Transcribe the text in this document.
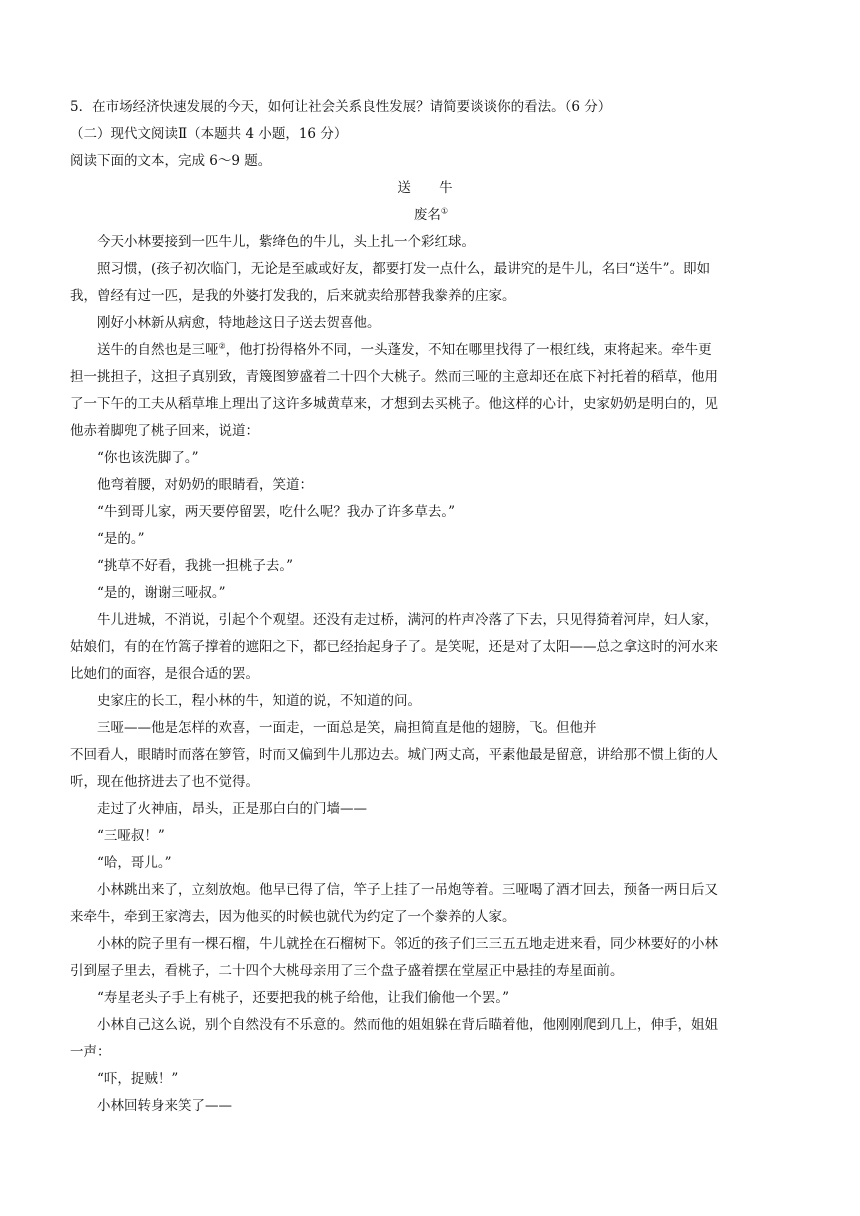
5．在市场经济快速发展的今天，如何让社会关系良性发展？请简要谈谈你的看法。（6 分）
（二）现代文阅读Ⅱ（本题共 4 小题，16 分）
阅读下面的文本，完成 6～9 题。
送 牛
废名①
今天小林要接到一匹牛儿，紫绛色的牛儿，头上扎一个彩红球。
照习惯，(孩子初次临门，无论是至戚或好友，都要打发一点什么，最讲究的是牛儿，名曰“送牛”。即如
我，曾经有过一匹，是我的外婆打发我的，后来就卖给那替我豢养的庄家。
刚好小林新从病愈，特地趁这日子送去贺喜他。
送牛的自然也是三哑②，他打扮得格外不同，一头蓬发，不知在哪里找得了一根红线，束将起来。牵牛更
担一挑担子，这担子真别致，青篾图箩盛着二十四个大桃子。然而三哑的主意却还在底下衬托着的稻草，他用
了一下午的工夫从稻草堆上理出了这许多城黄草来，才想到去买桃子。他这样的心计，史家奶奶是明白的，见
他赤着脚兜了桃子回来，说道：
“你也该洗脚了。”
他弯着腰，对奶奶的眼睛看，笑道：
“牛到哥儿家，两天要停留罢，吃什么呢？我办了许多草去。”
“是的。”
“挑草不好看，我挑一担桃子去。”
“是的，谢谢三哑叔。”
牛儿进城，不消说，引起个个观望。还没有走过桥，满河的杵声冷落了下去，只见得猗着河岸，妇人家，
姑娘们，有的在竹篙子撑着的遮阳之下，都已经抬起身子了。是笑呢，还是对了太阳——总之拿这时的河水来
比她们的面容，是很合适的罢。
史家庄的长工，程小林的牛，知道的说，不知道的问。
三哑——他是怎样的欢喜，一面走，一面总是笑，扁担简直是他的翅膀，飞。但他并
不回看人，眼睛时而落在箩管，时而又偏到牛儿那边去。城门两丈高，平素他最是留意，讲给那不惯上街的人
听，现在他挤进去了也不觉得。
走过了火神庙，昂头，正是那白白的门墙——
“三哑叔！”
“哈，哥儿。”
小林跳出来了，立刻放炮。他早已得了信，竿子上挂了一吊炮等着。三哑喝了酒才回去，预备一两日后又
来牵牛，牵到王家湾去，因为他买的时候也就代为约定了一个豢养的人家。
小林的院子里有一棵石榴，牛儿就拴在石榴树下。邻近的孩子们三三五五地走进来看，同少林要好的小林
引到屋子里去，看桃子，二十四个大桃母亲用了三个盘子盛着摆在堂屋正中悬挂的寿星面前。
“寿星老头子手上有桃子，还要把我的桃子给他，让我们偷他一个罢。”
小林自己这么说，别个自然没有不乐意的。然而他的姐姐躲在背后瞄着他，他刚刚爬到几上，伸手，姐姐
一声：
“吓，捉贼！”
小林回转身来笑了——
